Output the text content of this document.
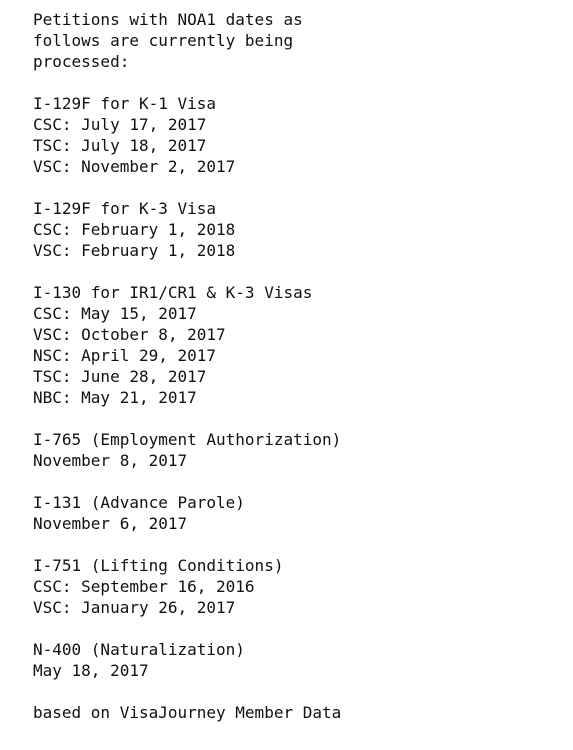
Petitions with NOA1 dates as
follows are currently being
processed:
I-129F for K-1 Visa
CSC: July 17, 2017
TSC: July 18, 2017
VSC: November 2, 2017
I-129F for K-3 Visa
CSC: February 1, 2018
VSC: February 1, 2018
I-130 for IR1/CR1 & K-3 Visas
CSC: May 15, 2017
VSC: October 8, 2017
NSC: April 29, 2017
TSC: June 28, 2017
NBC: May 21, 2017
I-765 (Employment Authorization)
November 8, 2017
I-131 (Advance Parole)
November 6, 2017
I-751 (Lifting Conditions)
CSC: September 16, 2016
VSC: January 26, 2017
N-400 (Naturalization)
May 18, 2017
based on VisaJourney Member Data
